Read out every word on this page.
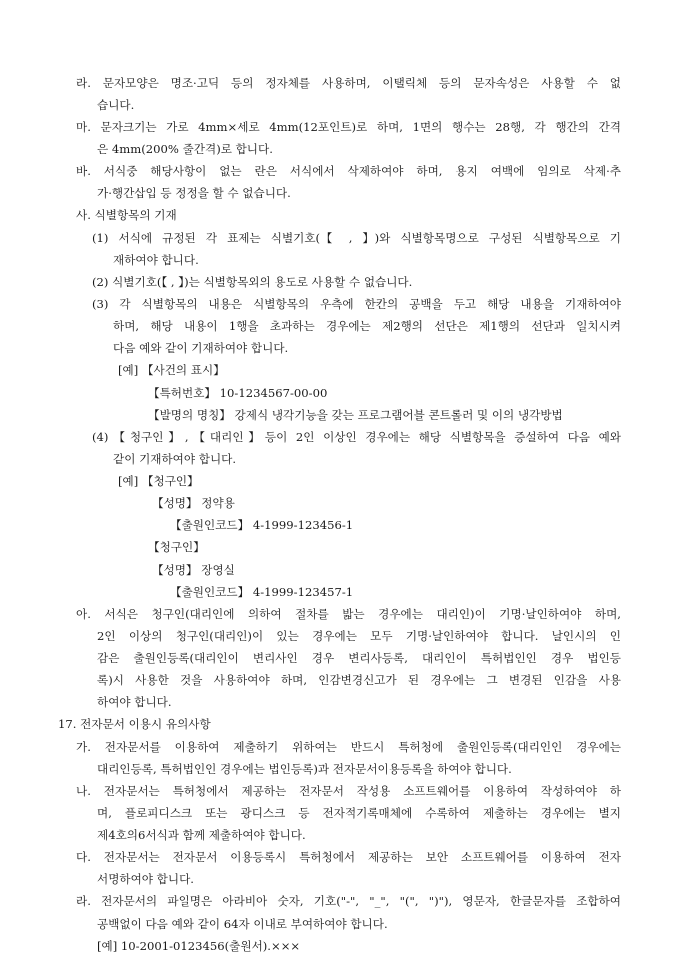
라. 문자모양은 명조·고딕 등의 정자체를 사용하며, 이탤릭체 등의 문자속성은 사용할 수 없
습니다.
마. 문자크기는 가로 4mm×세로 4mm(12포인트)로 하며, 1면의 행수는 28행, 각 행간의 간격
은 4mm(200% 줄간격)로 합니다.
바. 서식중 해당사항이 없는 란은 서식에서 삭제하여야 하며, 용지 여백에 임의로 삭제·추
가·행간삽입 등 정정을 할 수 없습니다.
사. 식별항목의 기재
(1) 서식에 규정된 각 표제는 식별기호(【 , 】)와 식별항목명으로 구성된 식별항목으로 기
재하여야 합니다.
(2) 식별기호(【 , 】)는 식별항목외의 용도로 사용할 수 없습니다.
(3) 각 식별항목의 내용은 식별항목의 우측에 한칸의 공백을 두고 해당 내용을 기재하여야
하며, 해당 내용이 1행을 초과하는 경우에는 제2행의 선단은 제1행의 선단과 일치시켜
다음 예와 같이 기재하여야 합니다.
[예] 【사건의 표시】
【특허번호】 10-1234567-00-00
【발명의 명칭】 강제식 냉각기능을 갖는 프로그램어블 콘트롤러 및 이의 냉각방법
(4)【청구인】,【대리인】등이 2인 이상인 경우에는 해당 식별항목을 증설하여 다음 예와
같이 기재하여야 합니다.
[예] 【청구인】
【성명】 정약용
【출원인코드】 4-1999-123456-1
【청구인】
【성명】 장영실
【출원인코드】 4-1999-123457-1
아. 서식은 청구인(대리인에 의하여 절차를 밟는 경우에는 대리인)이 기명·날인하여야 하며,
2인 이상의 청구인(대리인)이 있는 경우에는 모두 기명·날인하여야 합니다. 날인시의 인
감은 출원인등록(대리인이 변리사인 경우 변리사등록, 대리인이 특허법인인 경우 법인등
록)시 사용한 것을 사용하여야 하며, 인감변경신고가 된 경우에는 그 변경된 인감을 사용
하여야 합니다.
17. 전자문서 이용시 유의사항
가. 전자문서를 이용하여 제출하기 위하여는 반드시 특허청에 출원인등록(대리인인 경우에는
대리인등록, 특허법인인 경우에는 법인등록)과 전자문서이용등록을 하여야 합니다.
나. 전자문서는 특허청에서 제공하는 전자문서 작성용 소프트웨어를 이용하여 작성하여야 하
며, 플로피디스크 또는 광디스크 등 전자적기록매체에 수록하여 제출하는 경우에는 별지
제4호의6서식과 함께 제출하여야 합니다.
다. 전자문서는 전자문서 이용등록시 특허청에서 제공하는 보안 소프트웨어를 이용하여 전자
서명하여야 합니다.
라. 전자문서의 파일명은 아라비아 숫자, 기호("-", "_", "(", ")"), 영문자, 한글문자를 조합하여
공백없이 다음 예와 같이 64자 이내로 부여하여야 합니다.
[예] 10-2001-0123456(출원서).×××
